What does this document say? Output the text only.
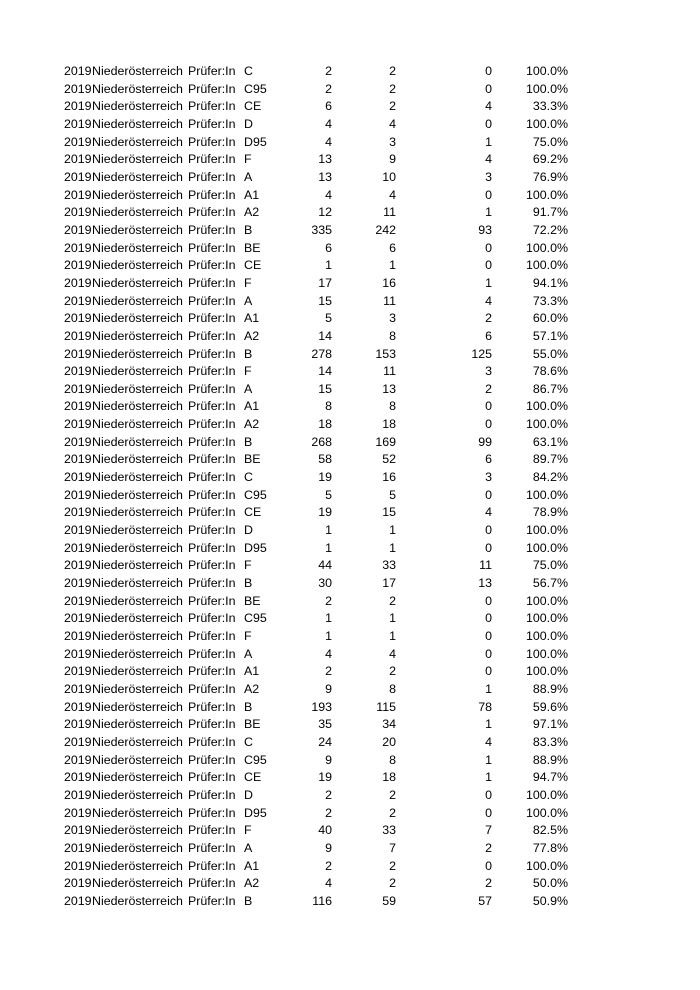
2019	Niederösterreich	Prüfer:In	C	2	2	0	100.0%
2019	Niederösterreich	Prüfer:In	C95	2	2	0	100.0%
2019	Niederösterreich	Prüfer:In	CE	6	2	4	33.3%
2019	Niederösterreich	Prüfer:In	D	4	4	0	100.0%
2019	Niederösterreich	Prüfer:In	D95	4	3	1	75.0%
2019	Niederösterreich	Prüfer:In	F	13	9	4	69.2%
2019	Niederösterreich	Prüfer:In	A	13	10	3	76.9%
2019	Niederösterreich	Prüfer:In	A1	4	4	0	100.0%
2019	Niederösterreich	Prüfer:In	A2	12	11	1	91.7%
2019	Niederösterreich	Prüfer:In	B	335	242	93	72.2%
2019	Niederösterreich	Prüfer:In	BE	6	6	0	100.0%
2019	Niederösterreich	Prüfer:In	CE	1	1	0	100.0%
2019	Niederösterreich	Prüfer:In	F	17	16	1	94.1%
2019	Niederösterreich	Prüfer:In	A	15	11	4	73.3%
2019	Niederösterreich	Prüfer:In	A1	5	3	2	60.0%
2019	Niederösterreich	Prüfer:In	A2	14	8	6	57.1%
2019	Niederösterreich	Prüfer:In	B	278	153	125	55.0%
2019	Niederösterreich	Prüfer:In	F	14	11	3	78.6%
2019	Niederösterreich	Prüfer:In	A	15	13	2	86.7%
2019	Niederösterreich	Prüfer:In	A1	8	8	0	100.0%
2019	Niederösterreich	Prüfer:In	A2	18	18	0	100.0%
2019	Niederösterreich	Prüfer:In	B	268	169	99	63.1%
2019	Niederösterreich	Prüfer:In	BE	58	52	6	89.7%
2019	Niederösterreich	Prüfer:In	C	19	16	3	84.2%
2019	Niederösterreich	Prüfer:In	C95	5	5	0	100.0%
2019	Niederösterreich	Prüfer:In	CE	19	15	4	78.9%
2019	Niederösterreich	Prüfer:In	D	1	1	0	100.0%
2019	Niederösterreich	Prüfer:In	D95	1	1	0	100.0%
2019	Niederösterreich	Prüfer:In	F	44	33	11	75.0%
2019	Niederösterreich	Prüfer:In	B	30	17	13	56.7%
2019	Niederösterreich	Prüfer:In	BE	2	2	0	100.0%
2019	Niederösterreich	Prüfer:In	C95	1	1	0	100.0%
2019	Niederösterreich	Prüfer:In	F	1	1	0	100.0%
2019	Niederösterreich	Prüfer:In	A	4	4	0	100.0%
2019	Niederösterreich	Prüfer:In	A1	2	2	0	100.0%
2019	Niederösterreich	Prüfer:In	A2	9	8	1	88.9%
2019	Niederösterreich	Prüfer:In	B	193	115	78	59.6%
2019	Niederösterreich	Prüfer:In	BE	35	34	1	97.1%
2019	Niederösterreich	Prüfer:In	C	24	20	4	83.3%
2019	Niederösterreich	Prüfer:In	C95	9	8	1	88.9%
2019	Niederösterreich	Prüfer:In	CE	19	18	1	94.7%
2019	Niederösterreich	Prüfer:In	D	2	2	0	100.0%
2019	Niederösterreich	Prüfer:In	D95	2	2	0	100.0%
2019	Niederösterreich	Prüfer:In	F	40	33	7	82.5%
2019	Niederösterreich	Prüfer:In	A	9	7	2	77.8%
2019	Niederösterreich	Prüfer:In	A1	2	2	0	100.0%
2019	Niederösterreich	Prüfer:In	A2	4	2	2	50.0%
2019	Niederösterreich	Prüfer:In	B	116	59	57	50.9%
